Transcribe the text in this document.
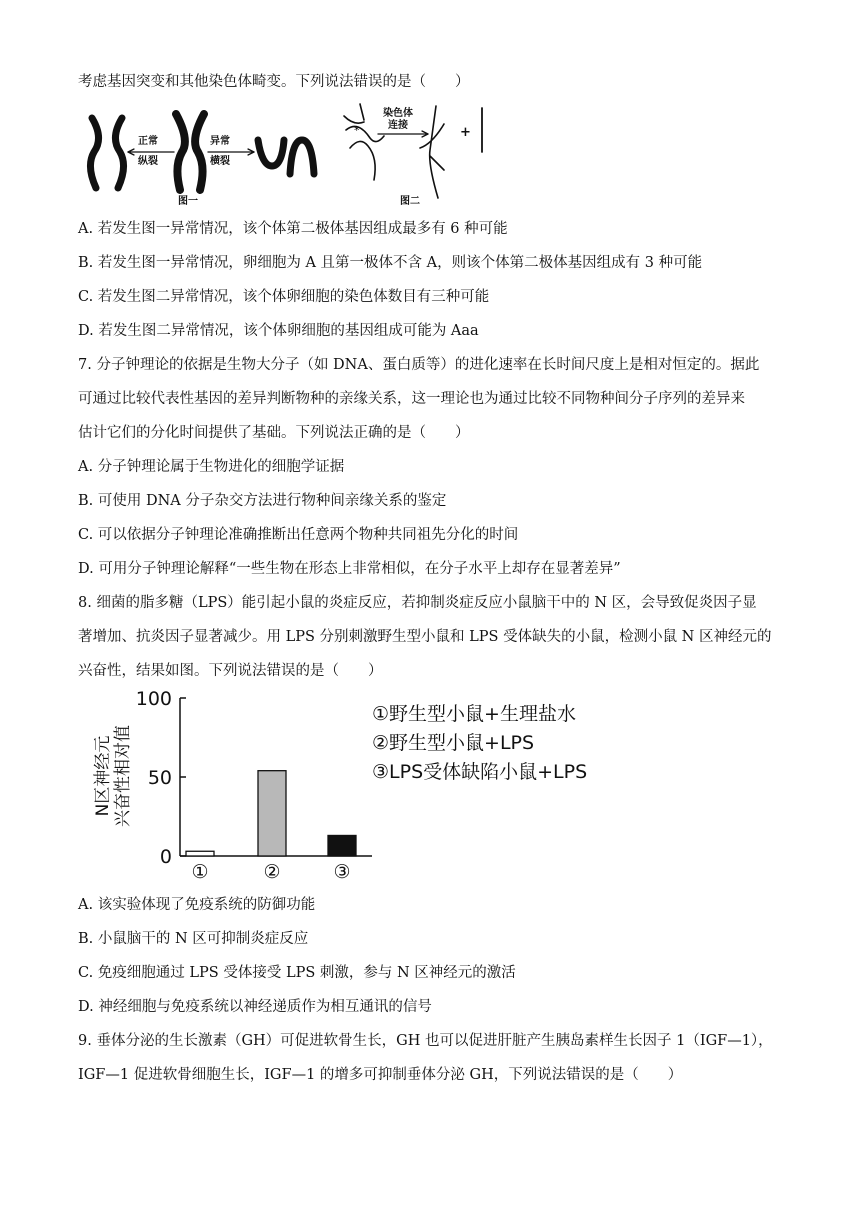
考虑基因突变和其他染色体畸变。下列说法错误的是（　　）
*
正常
纵裂
异常
横裂
图一
染色体
连接
图二
+
A. 若发生图一异常情况，该个体第二极体基因组成最多有 6 种可能
B. 若发生图一异常情况，卵细胞为 A 且第一极体不含 A，则该个体第二极体基因组成有 3 种可能
C. 若发生图二异常情况，该个体卵细胞的染色体数目有三种可能
D. 若发生图二异常情况，该个体卵细胞的基因组成可能为 Aaa
7. 分子钟理论的依据是生物大分子（如 DNA、蛋白质等）的进化速率在长时间尺度上是相对恒定的。据此
可通过比较代表性基因的差异判断物种的亲缘关系，这一理论也为通过比较不同物种间分子序列的差异来
估计它们的分化时间提供了基础。下列说法正确的是（　　）
A. 分子钟理论属于生物进化的细胞学证据
B. 可使用 DNA 分子杂交方法进行物种间亲缘关系的鉴定
C. 可以依据分子钟理论准确推断出任意两个物种共同祖先分化的时间
D. 可用分子钟理论解释“一些生物在形态上非常相似，在分子水平上却存在显著差异”
8. 细菌的脂多糖（LPS）能引起小鼠的炎症反应，若抑制炎症反应小鼠脑干中的 N 区，会导致促炎因子显
著增加、抗炎因子显著减少。用 LPS 分别刺激野生型小鼠和 LPS 受体缺失的小鼠，检测小鼠 N 区神经元的
兴奋性，结果如图。下列说法错误的是（　　）
100
50
0
N区神经元 兴奋性相对值
①	②	③
①野生型小鼠+生理盐水
②野生型小鼠+LPS
③LPS受体缺陷小鼠+LPS
A. 该实验体现了免疫系统的防御功能
B. 小鼠脑干的 N 区可抑制炎症反应
C. 免疫细胞通过 LPS 受体接受 LPS 刺激，参与 N 区神经元的激活
D. 神经细胞与免疫系统以神经递质作为相互通讯的信号
9. 垂体分泌的生长激素（GH）可促进软骨生长，GH 也可以促进肝脏产生胰岛素样生长因子 1（IGF—1），
IGF—1 促进软骨细胞生长，IGF—1 的增多可抑制垂体分泌 GH，下列说法错误的是（　　）
